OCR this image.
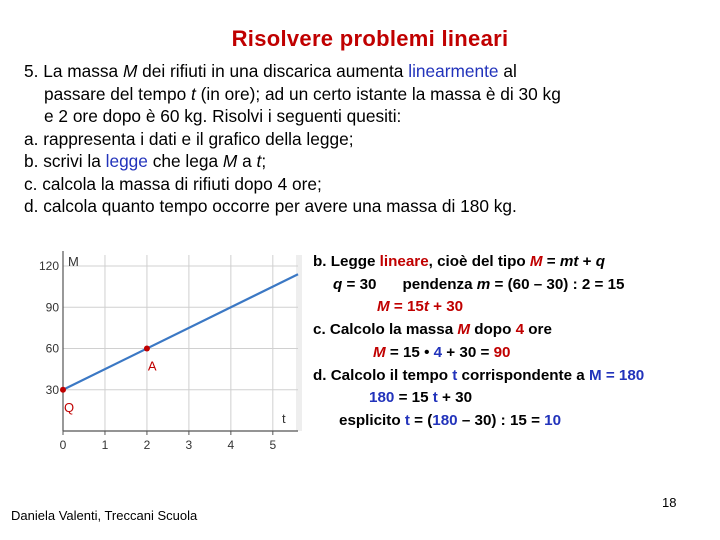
Risolvere problemi lineari
5. La massa M dei rifiuti in una discarica aumenta linearmente al
passare del tempo t (in ore); ad un certo istante la massa è di 30 kg
e 2 ore dopo è 60 kg. Risolvi i seguenti quesiti:
a. rappresenta i dati e il grafico della legge;
b. scrivi la legge che lega M a t;
c. calcola la massa di rifiuti dopo 4 ore;
d. calcola quanto tempo occorre per avere una massa di 180 kg.
0	1	2	3	4	5
30
60
90
120 M
t
Q
A
b. Legge lineare, cioè del tipo M = mt + q
q = 30 pendenza m = (60 – 30) : 2 = 15
M = 15t + 30
c. Calcolo la massa M dopo 4 ore
M = 15 • 4 + 30 = 90
d. Calcolo il tempo t corrispondente a M = 180
180 = 15 t + 30
esplicito t = (180 – 30) : 15 = 10
Daniela Valenti, Treccani Scuola
18
